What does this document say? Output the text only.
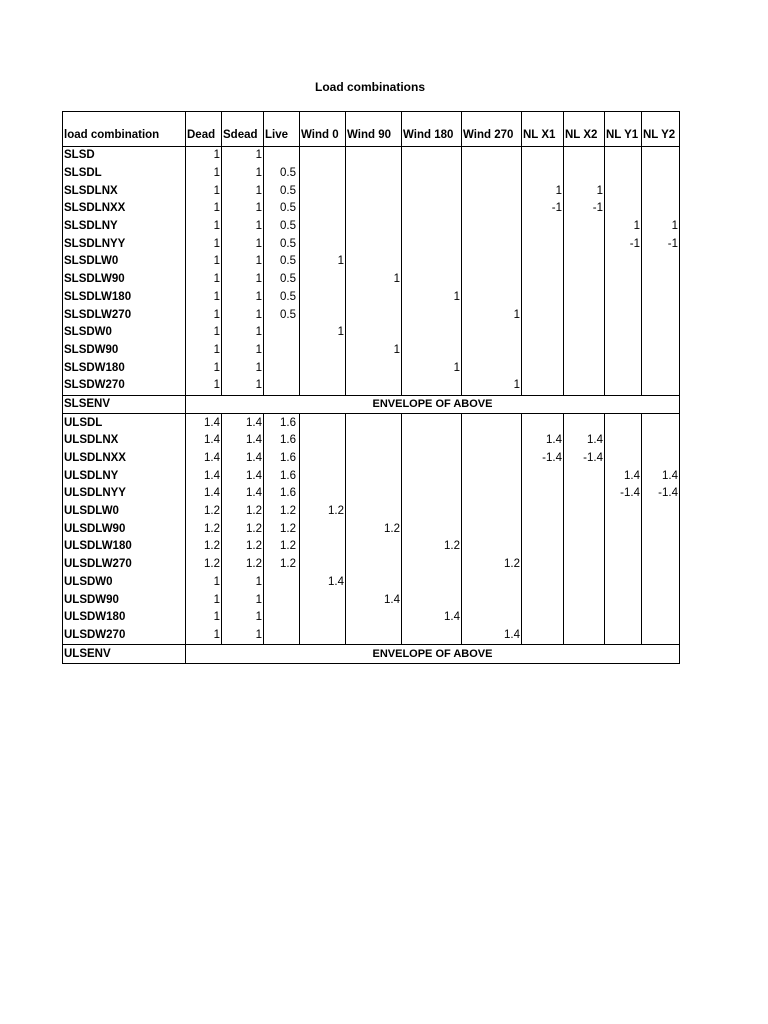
Load combinations
load combination	Dead	Sdead	Live	Wind 0	Wind 90	Wind 180	Wind 270	NL X1	NL X2	NL Y1	NL Y2
SLSD	1	1									
SLSDL	1	1	0.5								
SLSDLNX	1	1	0.5					1	1		
SLSDLNXX	1	1	0.5					-1	-1		
SLSDLNY	1	1	0.5							1	1
SLSDLNYY	1	1	0.5							-1	-1
SLSDLW0	1	1	0.5	1							
SLSDLW90	1	1	0.5		1						
SLSDLW180	1	1	0.5			1					
SLSDLW270	1	1	0.5				1				
SLSDW0	1	1		1							
SLSDW90	1	1			1						
SLSDW180	1	1				1					
SLSDW270	1	1					1				
SLSENV	ENVELOPE OF ABOVE										
ULSDL	1.4	1.4	1.6								
ULSDLNX	1.4	1.4	1.6					1.4	1.4		
ULSDLNXX	1.4	1.4	1.6					-1.4	-1.4		
ULSDLNY	1.4	1.4	1.6							1.4	1.4
ULSDLNYY	1.4	1.4	1.6							-1.4	-1.4
ULSDLW0	1.2	1.2	1.2	1.2							
ULSDLW90	1.2	1.2	1.2		1.2						
ULSDLW180	1.2	1.2	1.2			1.2					
ULSDLW270	1.2	1.2	1.2				1.2				
ULSDW0	1	1		1.4							
ULSDW90	1	1			1.4						
ULSDW180	1	1				1.4					
ULSDW270	1	1					1.4				
ULSENV	ENVELOPE OF ABOVE										
